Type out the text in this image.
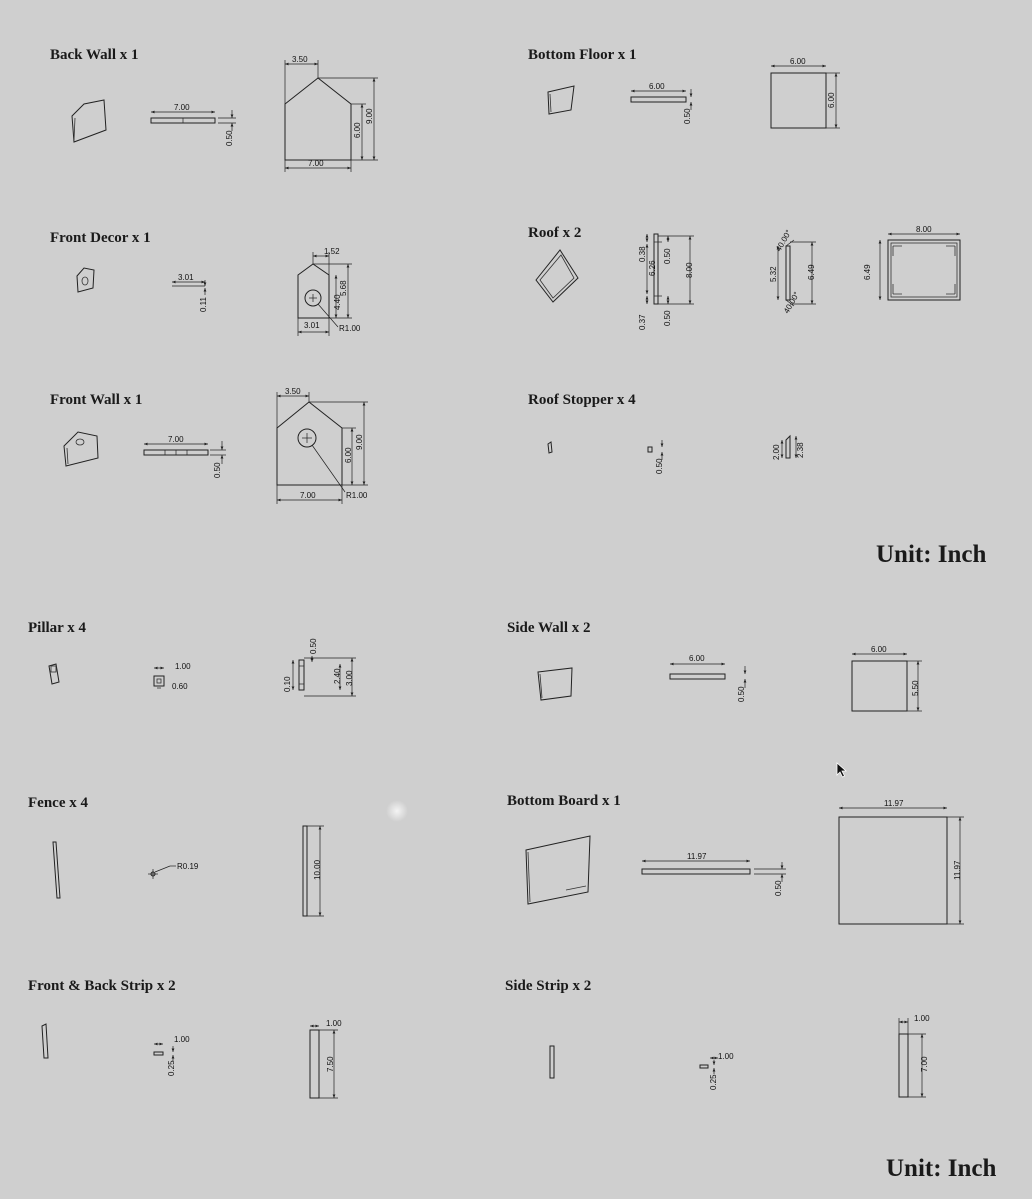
Back Wall x 1
Front Decor x 1
Front Wall x 1
Bottom Floor x 1
Roof x 2
Roof Stopper x 4
Unit: Inch
Pillar x 4
Fence x 4
Front & Back Strip x 2
Side Wall x 2
Bottom Board x 1
Side Strip x 2
Unit: Inch
7.00
0.50
3.50
6.00
9.00
7.00
3.01
0.11
1.52
4.40
5.68
3.01 R1.00
7.00
0.50
3.50
6.00
9.00
7.00	R1.00
6.00
0.50
6.00
6.00
0.38
6.26
0.37
0.50
8.00
0.50
40.00°
40.00°
5.32	6.49
8.00
6.49
0.50
2.00 2.38
1.00
0.60	0.10
0.50
2.40 3.00
R0.19	10.00
1.00
0.25
1.00
7.50
6.00
0.50
6.00
5.50
11.97
0.50
11.97
11.97
1.00
0.25
1.00
7.00
